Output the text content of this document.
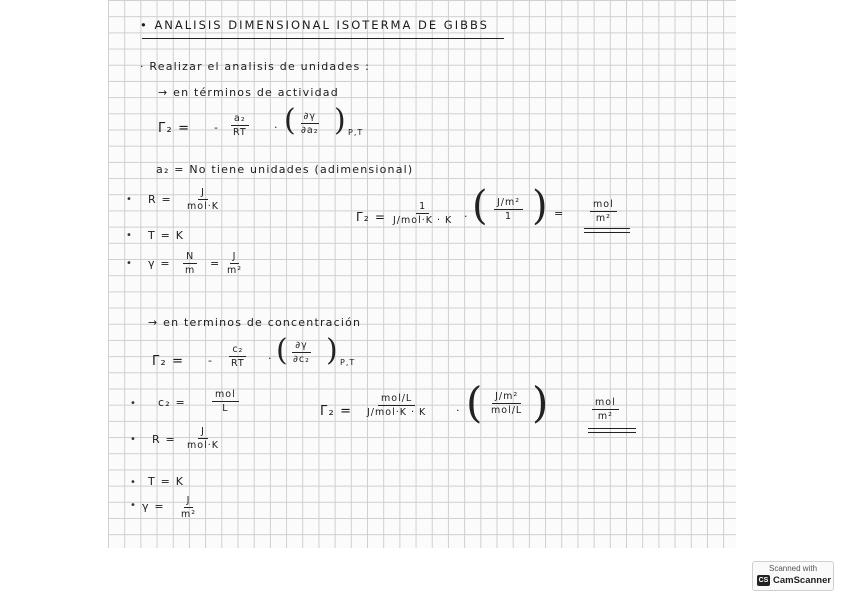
• ANALISIS DIMENSIONAL ISOTERMA DE GIBBS
· Realizar el analisis de unidades :
→ en términos de actividad
Γ₂ = - $\frac{\text{a₂}}{RT}$ · ( $\frac{\partial\gamma}{\text{∂a₂}}$ ) P,T
a₂ = No tiene unidades (adimensional)
• R =
J
mol·K
• T = K
• $\gamma = \frac{N}{m} = \frac{J}{\text{m²}}$
Γ₂ =
1
J/mol·K · K · ( $\frac{\text{J/m²}}{1}$ ) =
mol
m²
→ en terminos de concentración
Γ₂ = - $\frac{\text{c₂}}{RT}$ · ( $\frac{\partial\gamma}{\text{∂c₂}}$ ) P,T
• c₂ =
mol
L
• R =
J
mol·K
• T = K
• $\gamma = \frac{J}{\text{m²}}$
Γ₂ =
mol/L
J/mol·K · K	· (	J/m²
mol/L )	mol
m²
Scanned with
CS CamScanner
